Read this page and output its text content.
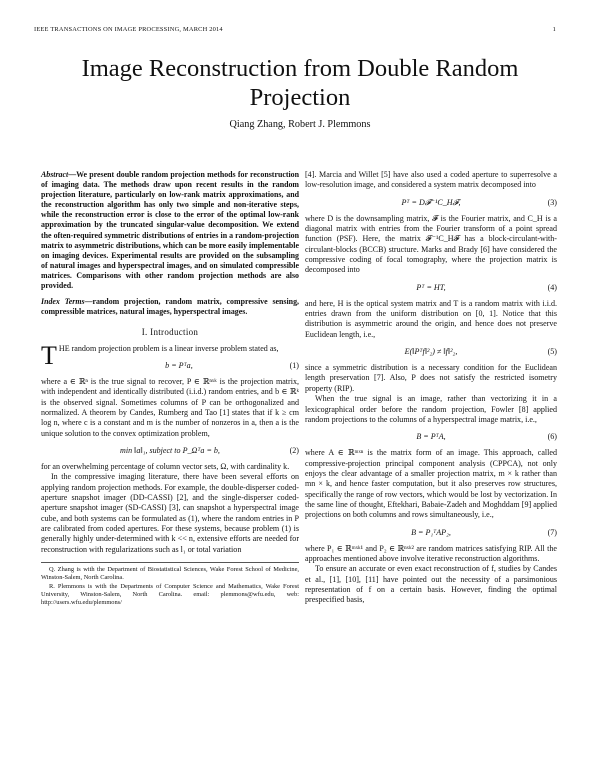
IEEE TRANSACTIONS ON IMAGE PROCESSING, MARCH 2014	1
Image Reconstruction from Double Random Projection
Qiang Zhang, Robert J. Plemmons

Abstract—We present double random projection methods for reconstruction of imaging data. The methods draw upon recent results in the random projection literature, particularly on low-rank matrix approximations, and the reconstruction algorithm has only two simple and non-iterative steps, while the reconstruction error is close to the error of the optimal low-rank approximation by the truncated singular-value decomposition. We extend the often-required symmetric distributions of entries in a random-projection matrix to asymmetric distributions, which can be more easily implementable on imaging devices. Experimental results are provided on the subsampling of natural images and hyperspectral images, and on simulated compressible matrices. Comparisons with other random projection methods are also provided.

Index Terms—random projection, random matrix, compressive sensing, compressible matrices, natural images, hyperspectral images.

I. Introduction

THE random projection problem is a linear inverse problem stated as,

b = Pᵀa,	(1)

where a ∈ ℝⁿ is the true signal to recover, P ∈ ℝⁿˣᵏ is the projection matrix, with independent and identically distributed (i.i.d.) random entries, and b ∈ ℝᵏ is the observed signal. Sometimes columns of P can be orthogonalized and normalized. A theorem by Candes, Rumberg and Tao [1] states that if k ≥ cm log n, where c is a constant and m is the number of nonzeros in a, then a is the unique solution to the convex optimization problem,

min ‖a‖₁, subject to P_Ωᵀa = b,	(2)

for an overwhelming percentage of column vector sets, Ω, with cardinality k.

In the compressive imaging literature, there have been several efforts on applying random projection methods. For example, the double-disperser coded-aperture snapshot imager (DD-CASSI) [2], and the single-disperser coded-aperture snapshot imager (SD-CASSI) [3], can snapshot a hyperspectral image cube, and both systems can be formulated as (1), where the random entries in P are calibrated from coded apertures. For these systems, because problem (1) is generally highly under-determined with k << n, extensive efforts are needed for reconstruction with regularizations such as l₁ or total variation

Q. Zhang is with the Department of Biostatistical Sciences, Wake Forest School of Medicine, Winston-Salem, North Carolina.

R. Plemmons is with the Departments of Computer Science and Mathematics, Wake Forest University, Winston-Salem, North Carolina. email: plemmons@wfu.edu, web: http://users.wfu.edu/plemmons/

[4]. Marcia and Willet [5] have also used a coded aperture to superresolve a low-resolution image, and considered a system matrix decomposed into

Pᵀ = D𝓕⁻¹C_H𝓕,	(3)

where D is the downsampling matrix, 𝓕 is the Fourier matrix, and C_H is a diagonal matrix with entries from the Fourier transform of a point spread function (PSF). Here, the matrix 𝓕⁻¹C_H𝓕 has a block-circulant-with-circulant-blocks (BCCB) structure. Marks and Brady [6] have considered the compressive coding of focal tomography, where the projection matrix is decomposed into

Pᵀ = HT,	(4)

and here, H is the optical system matrix and T is a random matrix with i.i.d. entries drawn from the uniform distribution on [0, 1]. Notice that this distribution is asymmetric around the origin, and hence does not preserve Euclidean length, i.e.,

E(‖Pᵀf‖²₂) ≠ ‖f‖²₂,	(5)

since a symmetric distribution is a necessary condition for the Euclidean length preservation [7]. Also, P does not satisfy the restricted isometry property (RIP).

When the true signal is an image, rather than vectorizing it in a lexicographical order before the random projection, Fowler [8] applied random projections to the columns of a hyperspectral image matrix, i.e.,

B = PᵀA,	(6)

where A ∈ ℝᵐˣⁿ is the matrix form of an image. This approach, called compressive-projection principal component analysis (CPPCA), not only enjoys the clear advantage of a smaller projection matrix, m × k rather than mn × k, and hence faster computation, but it also preserves row structures, specifically the range of row vectors, which would be lost by vectorization. In the same line of thought, Eftekhari, Babaie-Zadeh and Moghddam [9] applied projections on both columns and rows simultaneously, i.e.,

B = P₁ᵀAP₂,	(7)

where P₁ ∈ ℝᵐˣᵏ¹ and P₂ ∈ ℝⁿˣᵏ² are random matrices satisfying RIP. All the approaches mentioned above involve iterative reconstruction algorithms.

To ensure an accurate or even exact reconstruction of f, studies by Candes et al., [1], [10], [11] have pointed out the necessity of a parsimonious representation of f on a certain basis. However, finding the optimal prespecified basis,
